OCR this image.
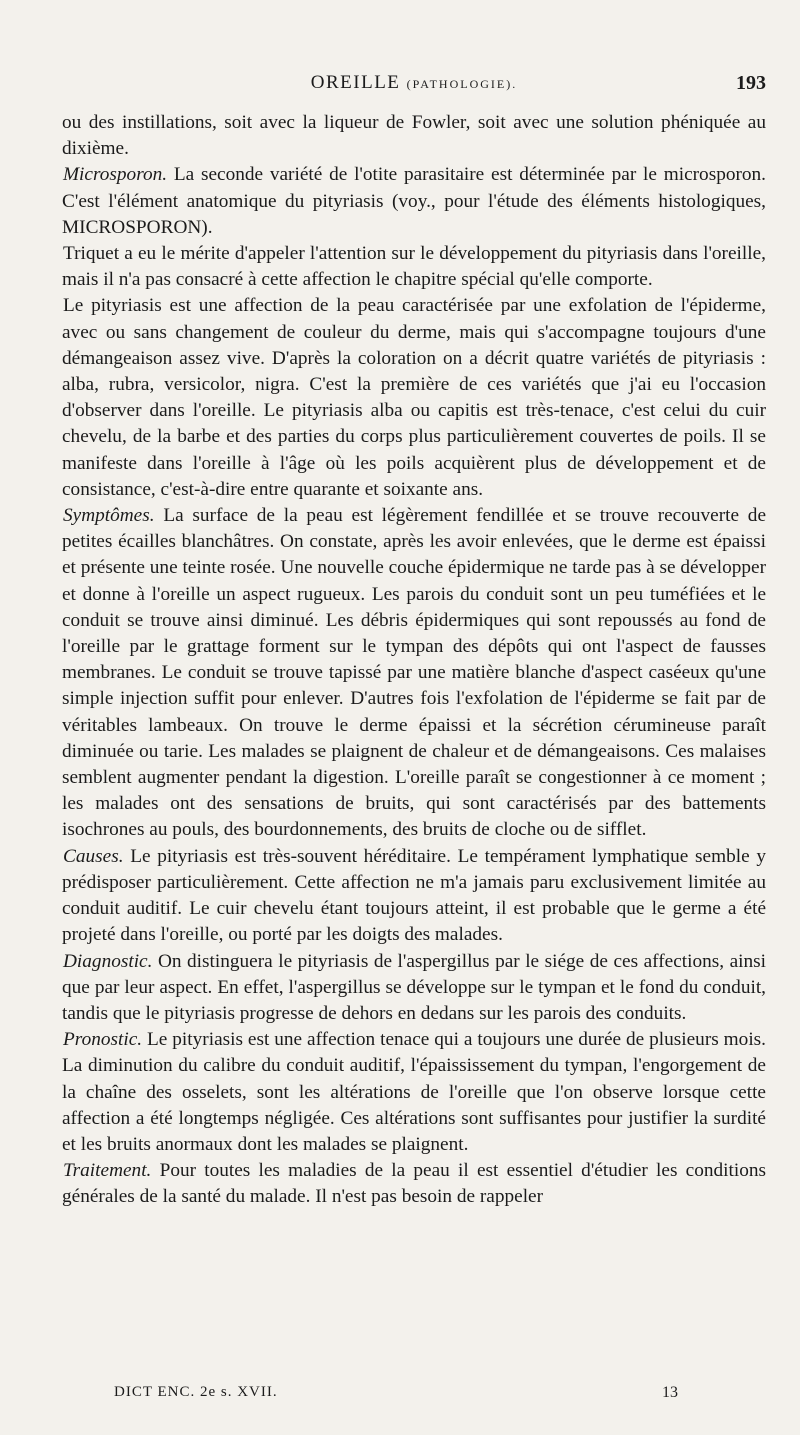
OREILLE (PATHOLOGIE).	193

ou des instillations, soit avec la liqueur de Fowler, soit avec une solution phéniquée au dixième.

Microsporon. La seconde variété de l'otite parasitaire est déterminée par le microsporon. C'est l'élément anatomique du pityriasis (voy., pour l'étude des éléments histologiques, MICROSPORON).

Triquet a eu le mérite d'appeler l'attention sur le développement du pityriasis dans l'oreille, mais il n'a pas consacré à cette affection le chapitre spécial qu'elle comporte.

Le pityriasis est une affection de la peau caractérisée par une exfolation de l'épiderme, avec ou sans changement de couleur du derme, mais qui s'accompagne toujours d'une démangeaison assez vive. D'après la coloration on a décrit quatre variétés de pityriasis : alba, rubra, versicolor, nigra. C'est la première de ces variétés que j'ai eu l'occasion d'observer dans l'oreille. Le pityriasis alba ou capitis est très-tenace, c'est celui du cuir chevelu, de la barbe et des parties du corps plus particulièrement couvertes de poils. Il se manifeste dans l'oreille à l'âge où les poils acquièrent plus de développement et de consistance, c'est-à-dire entre quarante et soixante ans.

Symptômes. La surface de la peau est légèrement fendillée et se trouve recouverte de petites écailles blanchâtres. On constate, après les avoir enlevées, que le derme est épaissi et présente une teinte rosée. Une nouvelle couche épidermique ne tarde pas à se développer et donne à l'oreille un aspect rugueux. Les parois du conduit sont un peu tuméfiées et le conduit se trouve ainsi diminué. Les débris épidermiques qui sont repoussés au fond de l'oreille par le grattage forment sur le tympan des dépôts qui ont l'aspect de fausses membranes. Le conduit se trouve tapissé par une matière blanche d'aspect caséeux qu'une simple injection suffit pour enlever. D'autres fois l'exfolation de l'épiderme se fait par de véritables lambeaux. On trouve le derme épaissi et la sécrétion cérumineuse paraît diminuée ou tarie. Les malades se plaignent de chaleur et de démangeaisons. Ces malaises semblent augmenter pendant la digestion. L'oreille paraît se congestionner à ce moment ; les malades ont des sensations de bruits, qui sont caractérisés par des battements isochrones au pouls, des bourdonnements, des bruits de cloche ou de sifflet.

Causes. Le pityriasis est très-souvent héréditaire. Le tempérament lymphatique semble y prédisposer particulièrement. Cette affection ne m'a jamais paru exclusivement limitée au conduit auditif. Le cuir chevelu étant toujours atteint, il est probable que le germe a été projeté dans l'oreille, ou porté par les doigts des malades.

Diagnostic. On distinguera le pityriasis de l'aspergillus par le siége de ces affections, ainsi que par leur aspect. En effet, l'aspergillus se développe sur le tympan et le fond du conduit, tandis que le pityriasis progresse de dehors en dedans sur les parois des conduits.

Pronostic. Le pityriasis est une affection tenace qui a toujours une durée de plusieurs mois. La diminution du calibre du conduit auditif, l'épaississement du tympan, l'engorgement de la chaîne des osselets, sont les altérations de l'oreille que l'on observe lorsque cette affection a été longtemps négligée. Ces altérations sont suffisantes pour justifier la surdité et les bruits anormaux dont les malades se plaignent.

Traitement. Pour toutes les maladies de la peau il est essentiel d'étudier les conditions générales de la santé du malade. Il n'est pas besoin de rappeler

DICT ENC. 2e s. XVII.	13
